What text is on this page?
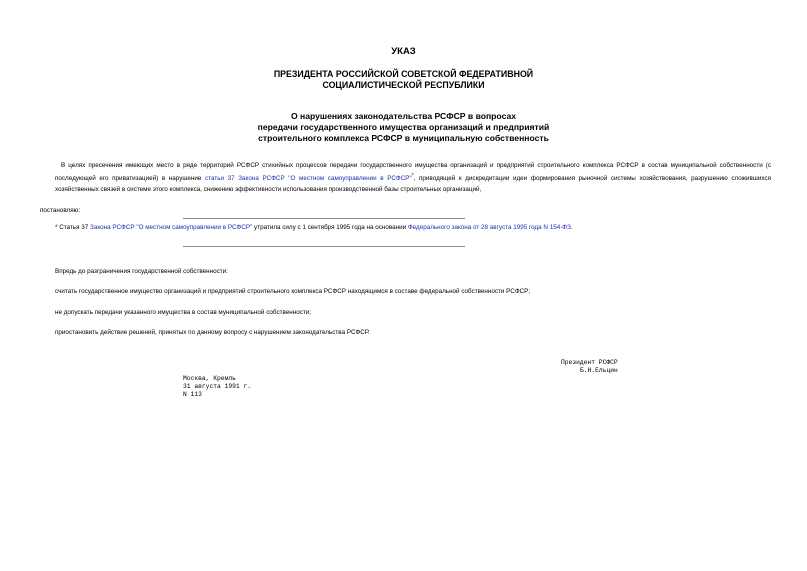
УКАЗ
ПРЕЗИДЕНТА РОССИЙСКОЙ СОВЕТСКОЙ ФЕДЕРАТИВНОЙ
СОЦИАЛИСТИЧЕСКОЙ РЕСПУБЛИКИ
О нарушениях законодательства РСФСР в вопросах
передачи государственного имущества организаций и предприятий
строительного комплекса РСФСР в муниципальную собственность
В целях пресечения имеющих место в ряде территорий РСФСР стихийных процессов передачи государственного имущества организаций и предприятий строительного комплекса РСФСР в состав муниципальной собственности (с последующей его приватизацией) в нарушение статьи 37 Закона РСФСР "О местном самоуправлении в РСФСР"*, приводящей к дискредитации идеи формирования рыночной системы хозяйствования, разрушению сложившихся хозяйственных связей в системе этого комплекса, снижению эффективности использования производственной базы строительных организаций,
постановляю:
* Статья 37 Закона РСФСР "О местном самоуправлении в РСФСР" утратила силу с 1 сентября 1995 года на основании Федерального закона от 28 августа 1995 года N 154-ФЗ.
Впредь до разграничения государственной собственности:
считать государственное имущество организаций и предприятий строительного комплекса РСФСР находящимся в составе федеральной собственности РСФСР;
не допускать передачи указанного имущества в состав муниципальной собственности;
приостановить действие решений, принятых по данному вопросу с нарушением законодательства РСФСР.
Президент РСФСР
Б.Н.Ельцин
Москва, Кремль
31 августа 1991 г.
N 113
